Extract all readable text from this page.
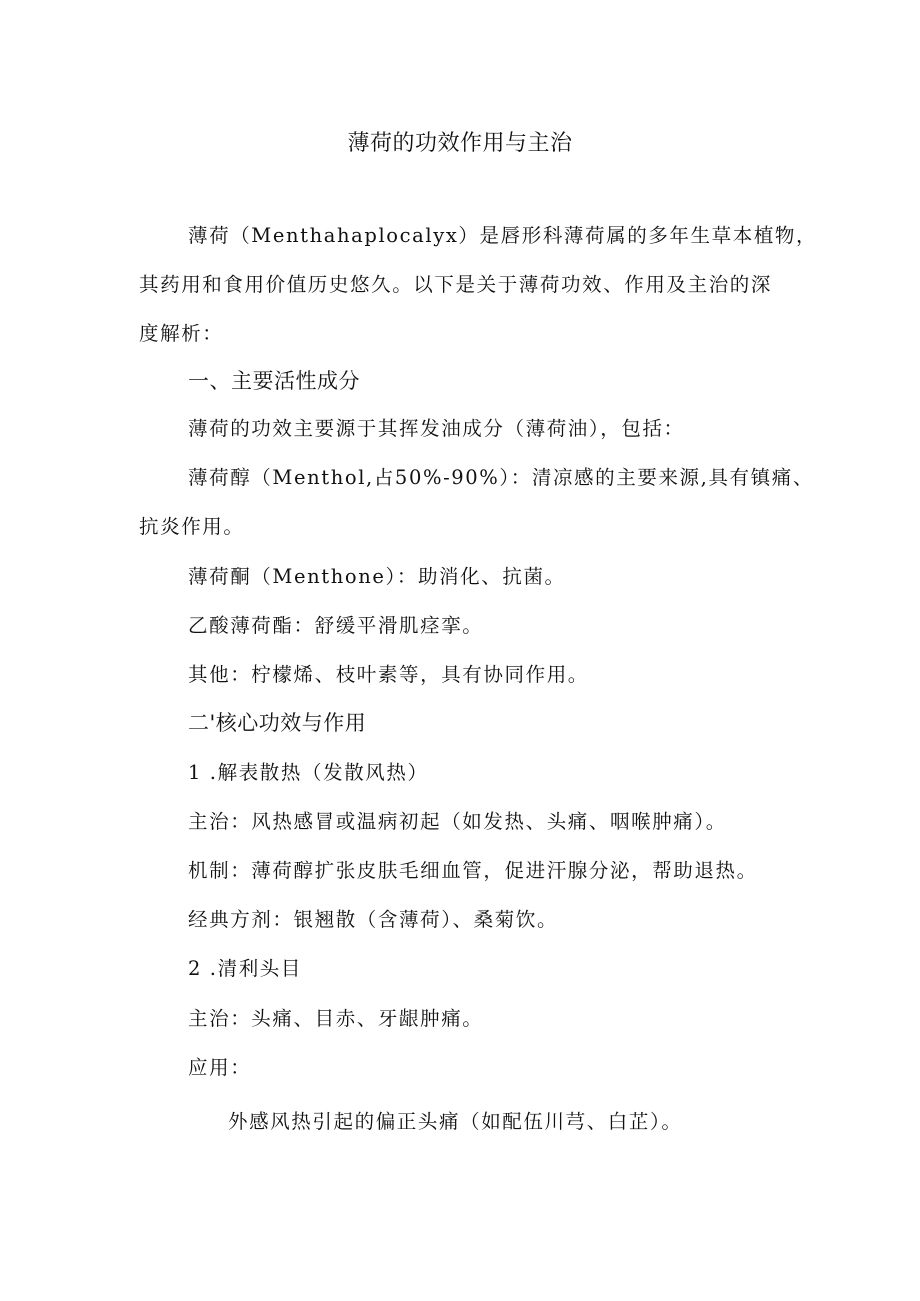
薄荷的功效作用与主治
薄荷（Menthahaplocalyx）是唇形科薄荷属的多年生草本植物，
其药用和食用价值历史悠久。以下是关于薄荷功效、作用及主治的深
度解析：
一、主要活性成分
薄荷的功效主要源于其挥发油成分（薄荷油），包括：
薄荷醇（Menthol,占50%-90%）：清凉感的主要来源,具有镇痛、
抗炎作用。
薄荷酮（Menthone）：助消化、抗菌。
乙酸薄荷酯：舒缓平滑肌痉挛。
其他：柠檬烯、枝叶素等，具有协同作用。
二'核心功效与作用
1 .解表散热（发散风热）
主治：风热感冒或温病初起（如发热、头痛、咽喉肿痛）。
机制：薄荷醇扩张皮肤毛细血管，促进汗腺分泌，帮助退热。
经典方剂：银翘散（含薄荷）、桑菊饮。
2 .清利头目
主治：头痛、目赤、牙龈肿痛。
应用：
外感风热引起的偏正头痛（如配伍川芎、白芷）。
